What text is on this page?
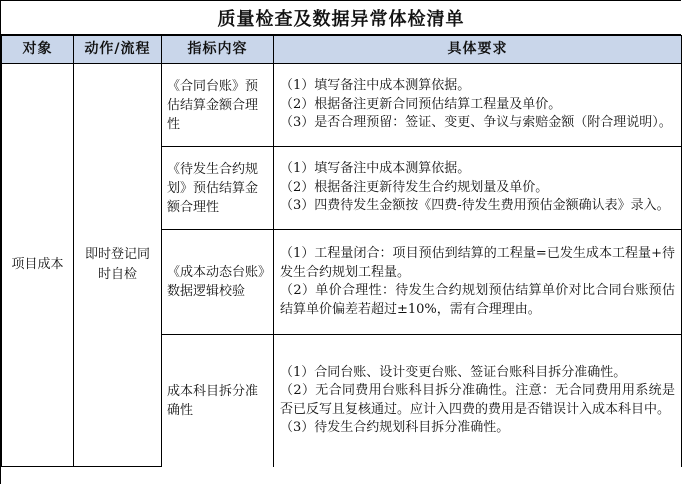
质量检查及数据异常体检清单
对象	动作/流程	指标内容	具体要求
项目成本	即时登记同时自检	《合同台账》预估结算金额合理性	（1）填写备注中成本测算依据。

（2）根据备注更新合同预估结算工程量及单价。

（3）是否合理预留：签证、变更、争议与索赔金额（附合理说明）。

		《待发生合约规划》预估结算金额合理性	（1）填写备注中成本测算依据。

（2）根据备注更新待发生合约规划量及单价。

（3）四费待发生金额按《四费-待发生费用预估金额确认表》录入。

		《成本动态台账》数据逻辑校验	（1）工程量闭合：项目预估到结算的工程量=已发生成本工程量+待发生合约规划工程量。

（2）单价合理性：待发生合约规划预估结算单价对比合同台账预估结算单价偏差若超过±10%，需有合理理由。

		成本科目拆分准确性	（1）合同台账、设计变更台账、签证台账科目拆分准确性。

（2）无合同费用台账科目拆分准确性。注意：无合同费用用系统是否已反写且复核通过。应计入四费的费用是否错误计入成本科目中。

（3）待发生合约规划科目拆分准确性。
